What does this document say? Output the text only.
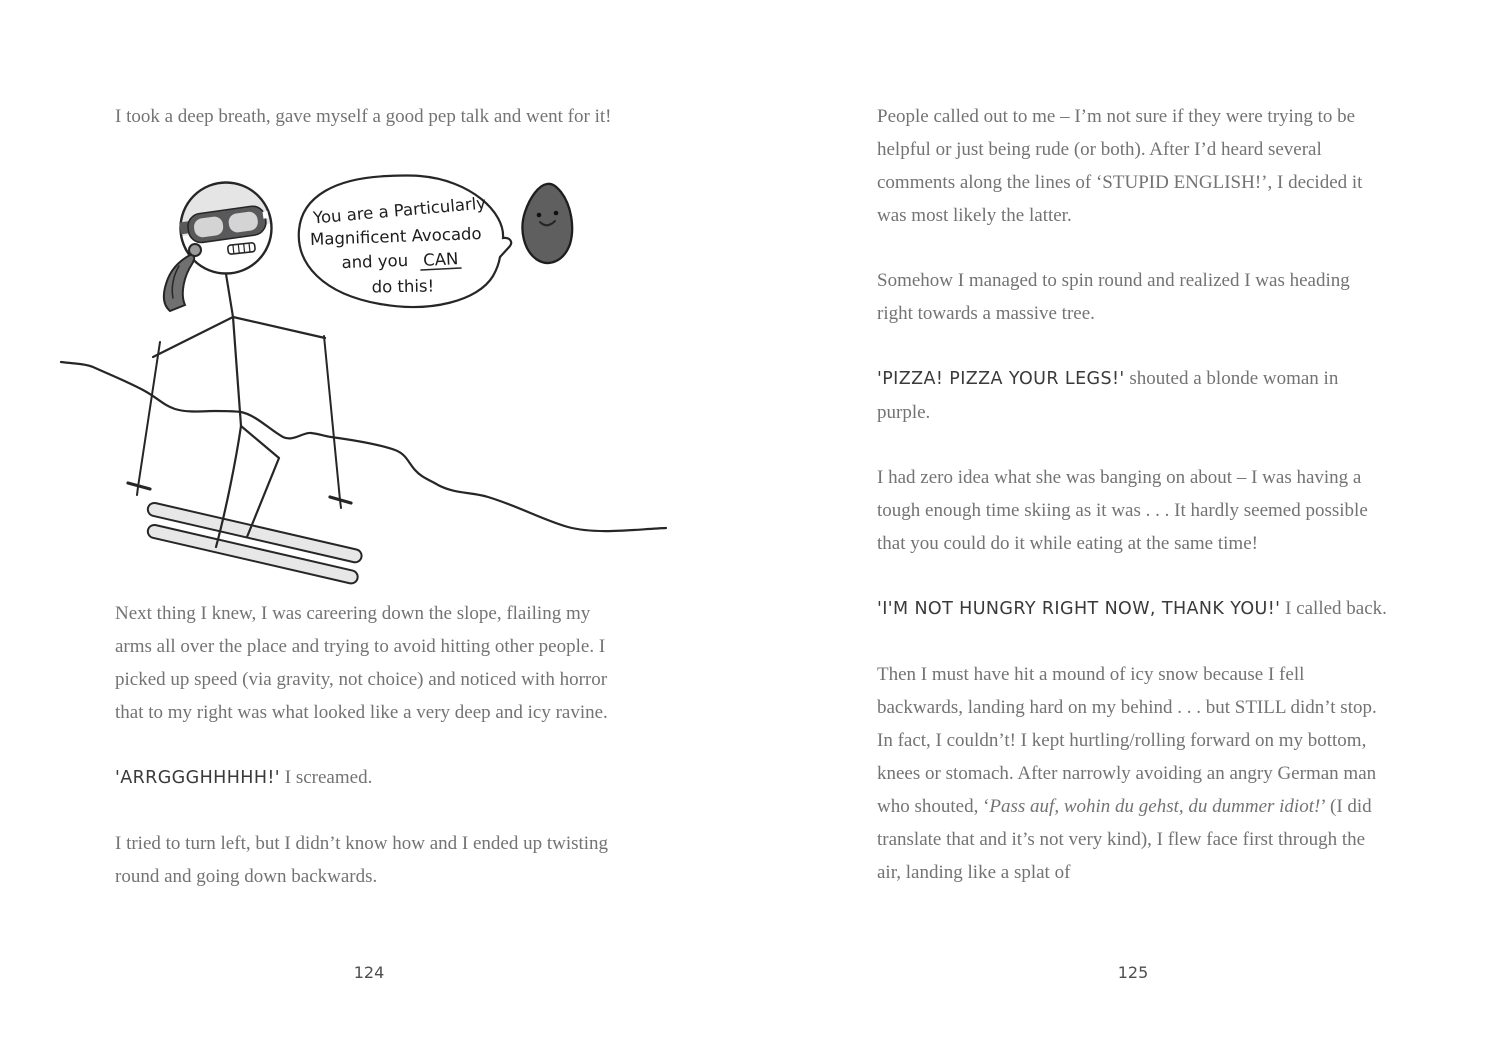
I took a deep breath, gave myself a good pep talk and went for it!

You are a Particularly
Magnificent Avocado
and you CAN
do this!

Next thing I knew, I was careering down the slope, flailing my arms all over the place and trying to avoid hitting other people. I picked up speed (via gravity, not choice) and noticed with horror that to my right was what looked like a very deep and icy ravine.

'ARRGGGHHHHH!' I screamed.

I tried to turn left, but I didn’t know how and I ended up twisting round and going down backwards.

124

People called out to me – I’m not sure if they were trying to be helpful or just being rude (or both). After I’d heard several comments along the lines of ‘STUPID ENGLISH!’, I decided it was most likely the latter.

Somehow I managed to spin round and realized I was heading right towards a massive tree.

'PIZZA! PIZZA YOUR LEGS!' shouted a blonde woman in purple.

I had zero idea what she was banging on about – I was having a tough enough time skiing as it was . . . It hardly seemed possible that you could do it while eating at the same time!

'I'M NOT HUNGRY RIGHT NOW, THANK YOU!' I called back.

Then I must have hit a mound of icy snow because I fell backwards, landing hard on my behind . . . but STILL didn’t stop. In fact, I couldn’t! I kept hurtling/rolling forward on my bottom, knees or stomach. After narrowly avoiding an angry German man who shouted, ‘Pass auf, wohin du gehst, du dummer idiot!’ (I did translate that and it’s not very kind), I flew face first through the air, landing like a splat of

125
